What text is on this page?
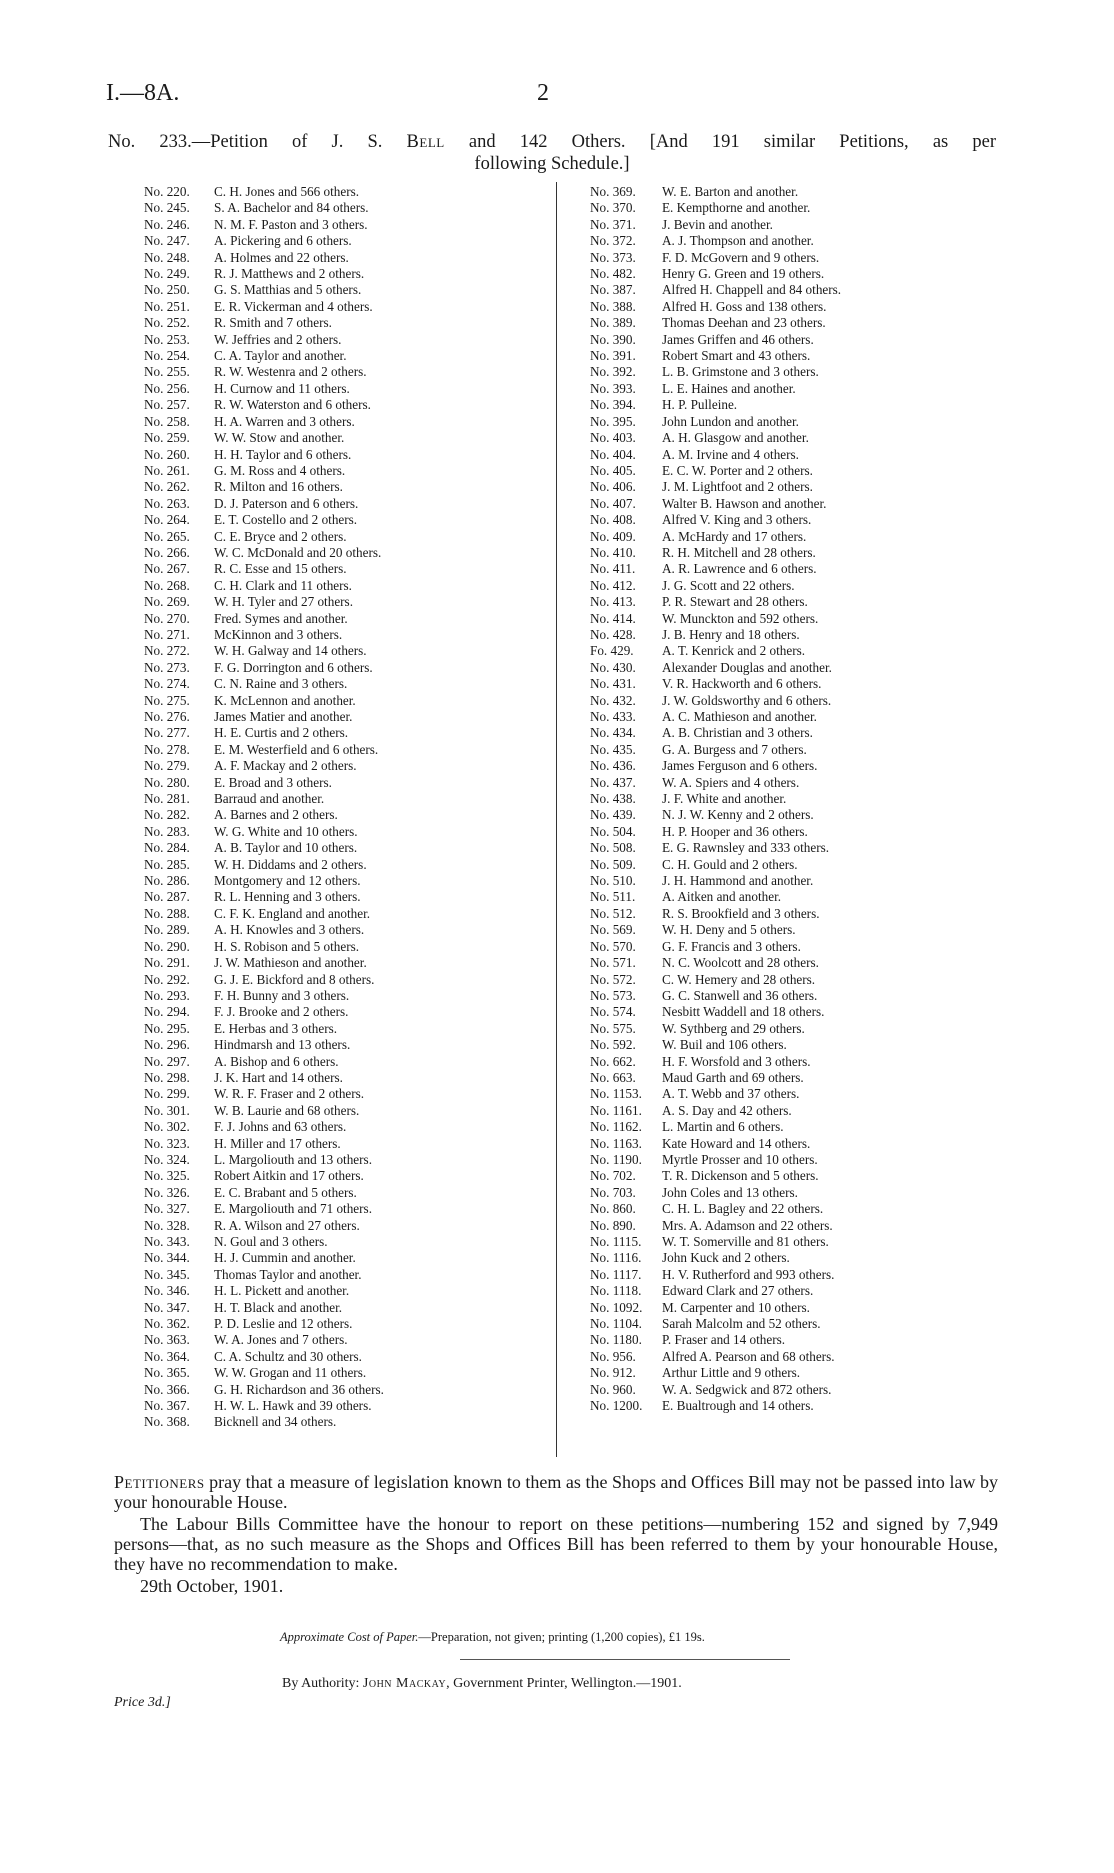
I.—8A.	2
No. 233.—Petition of J. S. Bell and 142 Others. [And 191 similar Petitions, as per
following Schedule.]
No. 220.	C. H. Jones and 566 others.
No. 245.	S. A. Bachelor and 84 others.
No. 246.	N. M. F. Paston and 3 others.
No. 247.	A. Pickering and 6 others.
No. 248.	A. Holmes and 22 others.
No. 249.	R. J. Matthews and 2 others.
No. 250.	G. S. Matthias and 5 others.
No. 251.	E. R. Vickerman and 4 others.
No. 252.	R. Smith and 7 others.
No. 253.	W. Jeffries and 2 others.
No. 254.	C. A. Taylor and another.
No. 255.	R. W. Westenra and 2 others.
No. 256.	H. Curnow and 11 others.
No. 257.	R. W. Waterston and 6 others.
No. 258.	H. A. Warren and 3 others.
No. 259.	W. W. Stow and another.
No. 260.	H. H. Taylor and 6 others.
No. 261.	G. M. Ross and 4 others.
No. 262.	R. Milton and 16 others.
No. 263.	D. J. Paterson and 6 others.
No. 264.	E. T. Costello and 2 others.
No. 265.	C. E. Bryce and 2 others.
No. 266.	W. C. McDonald and 20 others.
No. 267.	R. C. Esse and 15 others.
No. 268.	C. H. Clark and 11 others.
No. 269.	W. H. Tyler and 27 others.
No. 270.	Fred. Symes and another.
No. 271.	McKinnon and 3 others.
No. 272.	W. H. Galway and 14 others.
No. 273.	F. G. Dorrington and 6 others.
No. 274.	C. N. Raine and 3 others.
No. 275.	K. McLennon and another.
No. 276.	James Matier and another.
No. 277.	H. E. Curtis and 2 others.
No. 278.	E. M. Westerfield and 6 others.
No. 279.	A. F. Mackay and 2 others.
No. 280.	E. Broad and 3 others.
No. 281.	Barraud and another.
No. 282.	A. Barnes and 2 others.
No. 283.	W. G. White and 10 others.
No. 284.	A. B. Taylor and 10 others.
No. 285.	W. H. Diddams and 2 others.
No. 286.	Montgomery and 12 others.
No. 287.	R. L. Henning and 3 others.
No. 288.	C. F. K. England and another.
No. 289.	A. H. Knowles and 3 others.
No. 290.	H. S. Robison and 5 others.
No. 291.	J. W. Mathieson and another.
No. 292.	G. J. E. Bickford and 8 others.
No. 293.	F. H. Bunny and 3 others.
No. 294.	F. J. Brooke and 2 others.
No. 295.	E. Herbas and 3 others.
No. 296.	Hindmarsh and 13 others.
No. 297.	A. Bishop and 6 others.
No. 298.	J. K. Hart and 14 others.
No. 299.	W. R. F. Fraser and 2 others.
No. 301.	W. B. Laurie and 68 others.
No. 302.	F. J. Johns and 63 others.
No. 323.	H. Miller and 17 others.
No. 324.	L. Margoliouth and 13 others.
No. 325.	Robert Aitkin and 17 others.
No. 326.	E. C. Brabant and 5 others.
No. 327.	E. Margoliouth and 71 others.
No. 328.	R. A. Wilson and 27 others.
No. 343.	N. Goul and 3 others.
No. 344.	H. J. Cummin and another.
No. 345.	Thomas Taylor and another.
No. 346.	H. L. Pickett and another.
No. 347.	H. T. Black and another.
No. 362.	P. D. Leslie and 12 others.
No. 363.	W. A. Jones and 7 others.
No. 364.	C. A. Schultz and 30 others.
No. 365.	W. W. Grogan and 11 others.
No. 366.	G. H. Richardson and 36 others.
No. 367.	H. W. L. Hawk and 39 others.
No. 368.	Bicknell and 34 others.
No. 369.	W. E. Barton and another.
No. 370.	E. Kempthorne and another.
No. 371.	J. Bevin and another.
No. 372.	A. J. Thompson and another.
No. 373.	F. D. McGovern and 9 others.
No. 482.	Henry G. Green and 19 others.
No. 387.	Alfred H. Chappell and 84 others.
No. 388.	Alfred H. Goss and 138 others.
No. 389.	Thomas Deehan and 23 others.
No. 390.	James Griffen and 46 others.
No. 391.	Robert Smart and 43 others.
No. 392.	L. B. Grimstone and 3 others.
No. 393.	L. E. Haines and another.
No. 394.	H. P. Pulleine.
No. 395.	John Lundon and another.
No. 403.	A. H. Glasgow and another.
No. 404.	A. M. Irvine and 4 others.
No. 405.	E. C. W. Porter and 2 others.
No. 406.	J. M. Lightfoot and 2 others.
No. 407.	Walter B. Hawson and another.
No. 408.	Alfred V. King and 3 others.
No. 409.	A. McHardy and 17 others.
No. 410.	R. H. Mitchell and 28 others.
No. 411.	A. R. Lawrence and 6 others.
No. 412.	J. G. Scott and 22 others.
No. 413.	P. R. Stewart and 28 others.
No. 414.	W. Munckton and 592 others.
No. 428.	J. B. Henry and 18 others.
Fo. 429.	A. T. Kenrick and 2 others.
No. 430.	Alexander Douglas and another.
No. 431.	V. R. Hackworth and 6 others.
No. 432.	J. W. Goldsworthy and 6 others.
No. 433.	A. C. Mathieson and another.
No. 434.	A. B. Christian and 3 others.
No. 435.	G. A. Burgess and 7 others.
No. 436.	James Ferguson and 6 others.
No. 437.	W. A. Spiers and 4 others.
No. 438.	J. F. White and another.
No. 439.	N. J. W. Kenny and 2 others.
No. 504.	H. P. Hooper and 36 others.
No. 508.	E. G. Rawnsley and 333 others.
No. 509.	C. H. Gould and 2 others.
No. 510.	J. H. Hammond and another.
No. 511.	A. Aitken and another.
No. 512.	R. S. Brookfield and 3 others.
No. 569.	W. H. Deny and 5 others.
No. 570.	G. F. Francis and 3 others.
No. 571.	N. C. Woolcott and 28 others.
No. 572.	C. W. Hemery and 28 others.
No. 573.	G. C. Stanwell and 36 others.
No. 574.	Nesbitt Waddell and 18 others.
No. 575.	W. Sythberg and 29 others.
No. 592.	W. Buil and 106 others.
No. 662.	H. F. Worsfold and 3 others.
No. 663.	Maud Garth and 69 others.
No. 1153.	A. T. Webb and 37 others.
No. 1161.	A. S. Day and 42 others.
No. 1162.	L. Martin and 6 others.
No. 1163.	Kate Howard and 14 others.
No. 1190.	Myrtle Prosser and 10 others.
No. 702.	T. R. Dickenson and 5 others.
No. 703.	John Coles and 13 others.
No. 860.	C. H. L. Bagley and 22 others.
No. 890.	Mrs. A. Adamson and 22 others.
No. 1115.	W. T. Somerville and 81 others.
No. 1116.	John Kuck and 2 others.
No. 1117.	H. V. Rutherford and 993 others.
No. 1118.	Edward Clark and 27 others.
No. 1092.	M. Carpenter and 10 others.
No. 1104.	Sarah Malcolm and 52 others.
No. 1180.	P. Fraser and 14 others.
No. 956.	Alfred A. Pearson and 68 others.
No. 912.	Arthur Little and 9 others.
No. 960.	W. A. Sedgwick and 872 others.
No. 1200.	E. Bualtrough and 14 others.
Petitioners pray that a measure of legislation known to them as the Shops and Offices Bill may not be passed into law by your honourable House.
The Labour Bills Committee have the honour to report on these petitions—numbering 152 and signed by 7,949 persons—that, as no such measure as the Shops and Offices Bill has been referred to them by your honourable House, they have no recommendation to make.
29th October, 1901.
Approximate Cost of Paper.—Preparation, not given; printing (1,200 copies), £1 19s.
By Authority: John Mackay, Government Printer, Wellington.—1901.
Price 3d.]
